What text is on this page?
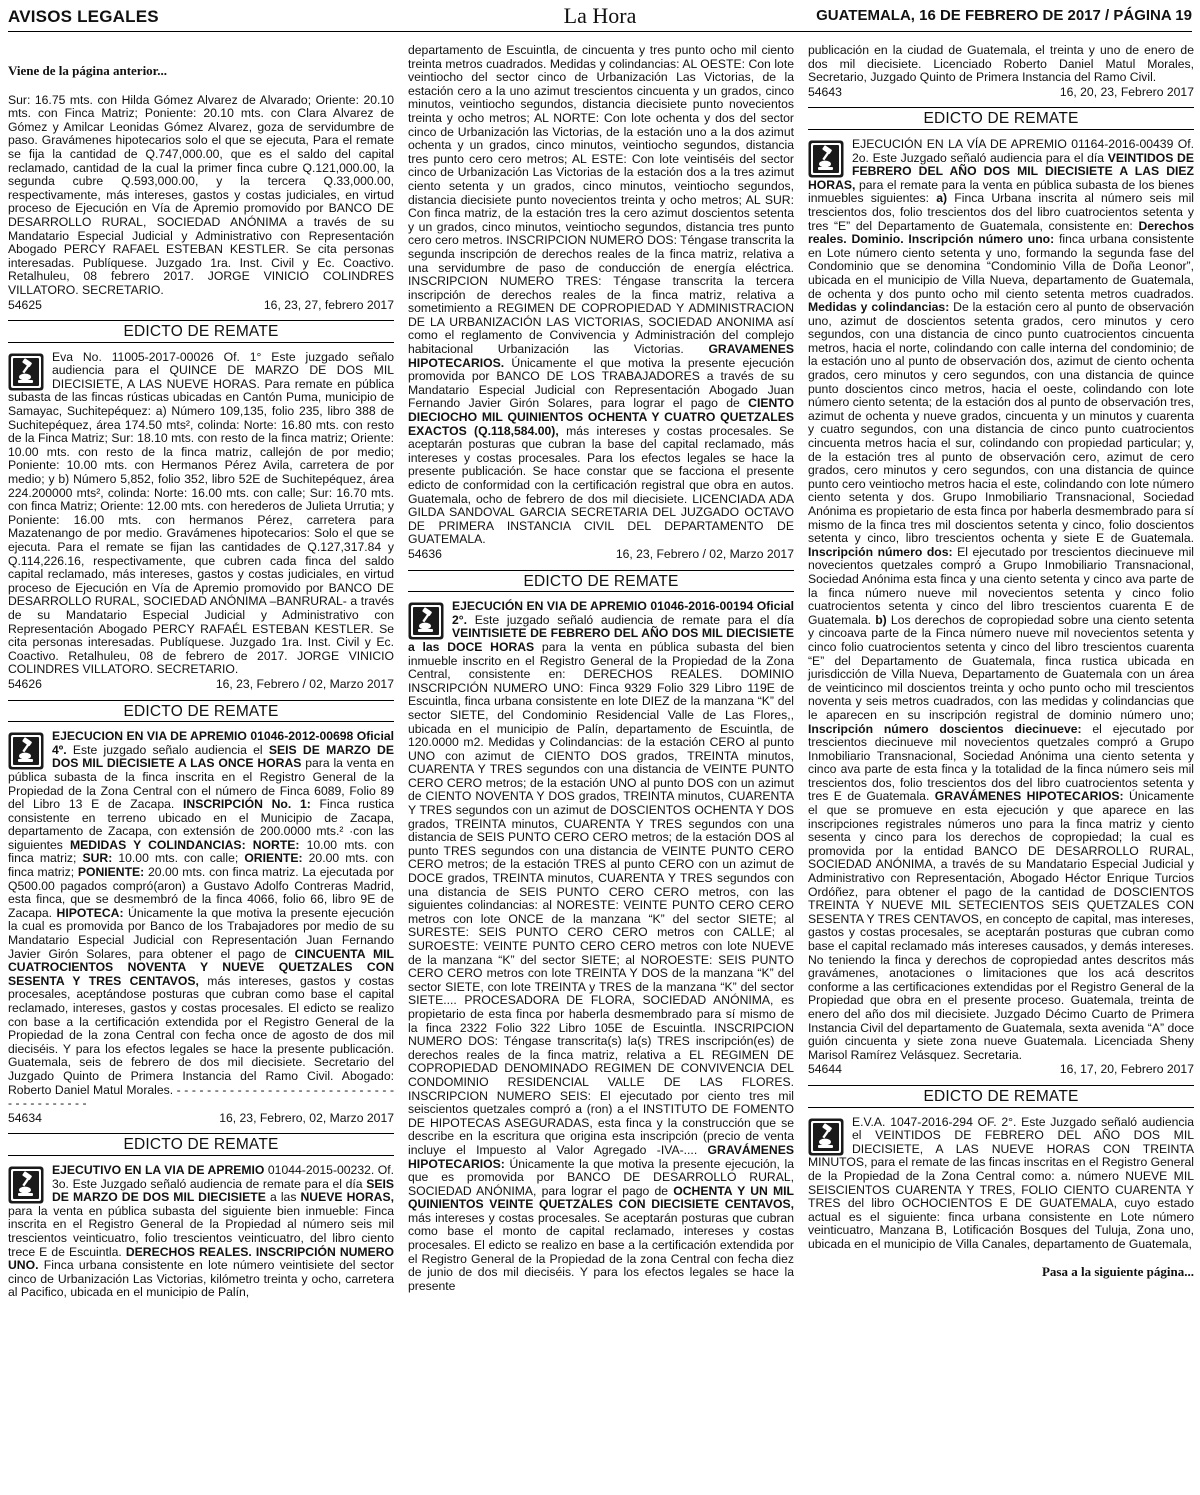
AVISOS LEGALES	La Hora	GUATEMALA, 16 DE FEBRERO DE 2017 / PÁGINA 19
Viene de la página anterior...

Sur: 16.75 mts. con Hilda Gómez Alvarez de Alvarado; Oriente: 20.10 mts. con Finca Matriz; Poniente: 20.10 mts. con Clara Alvarez de Gómez y Amilcar Leonidas Gómez Alvarez, goza de servidumbre de paso. Gravámenes hipotecarios solo el que se ejecuta, Para el remate se fija la cantidad de Q.747,000.00, que es el saldo del capital reclamado, cantidad de la cual la primer finca cubre Q.121,000.00, la segunda cubre Q.593,000.00, y la tercera Q.33,000.00, respectivamente, más intereses, gastos y costas judiciales, en virtud proceso de Ejecución en Vía de Apremio promovido por BANCO DE DESARROLLO RURAL, SOCIEDAD ANÓNIMA a través de su Mandatario Especial Judicial y Administrativo con Representación Abogado PERCY RAFAEL ESTEBAN KESTLER. Se cita personas interesadas. Publíquese. Juzgado 1ra. Inst. Civil y Ec. Coactivo. Retalhuleu, 08 febrero 2017. JORGE VINICIO COLINDRES VILLATORO. SECRETARIO.

54625	16, 23, 27, febrero 2017
EDICTO DE REMATE

Eva No. 11005-2017-00026 Of. 1° Este juzgado señalo audiencia para el QUINCE DE MARZO DE DOS MIL DIECISIETE, A LAS NUEVE HORAS. Para remate en pública subasta de las fincas rústicas ubicadas en Cantón Puma, municipio de Samayac, Suchitepéquez: a) Número 109,135, folio 235, libro 388 de Suchitepéquez, área 174.50 mts², colinda: Norte: 16.80 mts. con resto de la Finca Matriz; Sur: 18.10 mts. con resto de la finca matriz; Oriente: 10.00 mts. con resto de la finca matriz, callejón de por medio; Poniente: 10.00 mts. con Hermanos Pérez Avila, carretera de por medio; y b) Número 5,852, folio 352, libro 52E de Suchitepéquez, área 224.200000 mts², colinda: Norte: 16.00 mts. con calle; Sur: 16.70 mts. con finca Matriz; Oriente: 12.00 mts. con herederos de Julieta Urrutia; y Poniente: 16.00 mts. con hermanos Pérez, carretera para Mazatenango de por medio. Gravámenes hipotecarios: Solo el que se ejecuta. Para el remate se fijan las cantidades de Q.127,317.84 y Q.114,226.16, respectivamente, que cubren cada finca del saldo capital reclamado, más intereses, gastos y costas judiciales, en virtud proceso de Ejecución en Vía de Apremio promovido por BANCO DE DESARROLLO RURAL, SOCIEDAD ANÓNIMA –BANRURAL- a través de su Mandatario Especial Judicial y Administrativo con Representación Abogado PERCY RAFAÉL ESTEBAN KESTLER. Se cita personas interesadas. Publíquese. Juzgado 1ra. Inst. Civil y Ec. Coactivo. Retalhuleu, 08 de febrero de 2017. JORGE VINICIO COLINDRES VILLATORO. SECRETARIO.

54626	16, 23, Febrero / 02, Marzo 2017
EDICTO DE REMATE

EJECUCION EN VIA DE APREMIO 01046-2012-00698 Oficial 4º. Este juzgado señalo audiencia el SEIS DE MARZO DE DOS MIL DIECISIETE A LAS ONCE HORAS para la venta en pública subasta de la finca inscrita en el Registro General de la Propiedad de la Zona Central con el número de Finca 6089, Folio 89 del Libro 13 E de Zacapa. INSCRIPCIÓN No. 1: Finca rustica consistente en terreno ubicado en el Municipio de Zacapa, departamento de Zacapa, con extensión de 200.0000 mts.² ·con las siguientes MEDIDAS Y COLINDANCIAS: NORTE: 10.00 mts. con finca matriz; SUR: 10.00 mts. con calle; ORIENTE: 20.00 mts. con finca matriz; PONIENTE: 20.00 mts. con finca matriz. La ejecutada por Q500.00 pagados compró(aron) a Gustavo Adolfo Contreras Madrid, esta finca, que se desmembró de la finca 4066, folio 66, libro 9E de Zacapa. HIPOTECA: Únicamente la que motiva la presente ejecución la cual es promovida por Banco de los Trabajadores por medio de su Mandatario Especial Judicial con Representación Juan Fernando Javier Girón Solares, para obtener el pago de CINCUENTA MIL CUATROCIENTOS NOVENTA Y NUEVE QUETZALES CON SESENTA Y TRES CENTAVOS, más intereses, gastos y costas procesales, aceptándose posturas que cubran como base el capital reclamado, intereses, gastos y costas procesales. El edicto se realizo con base a la certificación extendida por el Registro General de la Propiedad de la zona Central con fecha once de agosto de dos mil dieciséis. Y para los efectos legales se hace la presente publicación. Guatemala, seis de febrero de dos mil diecisiete. Secretario del Juzgado Quinto de Primera Instancia del Ramo Civil. Abogado: Roberto Daniel Matul Morales. - - - - - - - - - - - - - - - - - - - - - - - - - - - - - - - - - - - - - - - -

54634	16, 23, Febrero, 02, Marzo 2017
EDICTO DE REMATE

EJECUTIVO EN LA VIA DE APREMIO 01044-2015-00232. Of. 3o. Este Juzgado señaló audiencia de remate para el día SEIS DE MARZO DE DOS MIL DIECISIETE a las NUEVE HORAS, para la venta en pública subasta del siguiente bien inmueble: Finca inscrita en el Registro General de la Propiedad al número seis mil trescientos veinticuatro, folio trescientos veinticuatro, del libro ciento trece E de Escuintla. DERECHOS REALES. INSCRIPCIÓN NUMERO UNO. Finca urbana consistente en lote número veintisiete del sector cinco de Urbanización Las Victorias, kilómetro treinta y ocho, carretera al Pacifico, ubicada en el municipio de Palín,

departamento de Escuintla, de cincuenta y tres punto ocho mil ciento treinta metros cuadrados. Medidas y colindancias: AL OESTE: Con lote veintiocho del sector cinco de Urbanización Las Victorias, de la estación cero a la uno azimut trescientos cincuenta y un grados, cinco minutos, veintiocho segundos, distancia diecisiete punto novecientos treinta y ocho metros; AL NORTE: Con lote ochenta y dos del sector cinco de Urbanización las Victorias, de la estación uno a la dos azimut ochenta y un grados, cinco minutos, veintiocho segundos, distancia tres punto cero cero metros; AL ESTE: Con lote veintiséis del sector cinco de Urbanización Las Victorias de la estación dos a la tres azimut ciento setenta y un grados, cinco minutos, veintiocho segundos, distancia diecisiete punto novecientos treinta y ocho metros; AL SUR: Con finca matriz, de la estación tres la cero azimut doscientos setenta y un grados, cinco minutos, veintiocho segundos, distancia tres punto cero cero metros. INSCRIPCION NUMERO DOS: Téngase transcrita la segunda inscripción de derechos reales de la finca matriz, relativa a una servidumbre de paso de conducción de energía eléctrica. INSCRIPCION NUMERO TRES: Téngase transcrita la tercera inscripción de derechos reales de la finca matriz, relativa a sometimiento a REGIMEN DE COPROPIEDAD Y ADMINISTRACION DE LA URBANIZACIÓN LAS VICTORIAS, SOCIEDAD ANONIMA así como el reglamento de Convivencia y Administración del complejo habitacional Urbanización las Victorias. GRAVAMENES HIPOTECARIOS. Únicamente el que motiva la presente ejecución promovida por BANCO DE LOS TRABAJADORES a través de su Mandatario Especial Judicial con Representación Abogado Juan Fernando Javier Girón Solares, para lograr el pago de CIENTO DIECIOCHO MIL QUINIENTOS OCHENTA Y CUATRO QUETZALES EXACTOS (Q.118,584.00), más intereses y costas procesales. Se aceptarán posturas que cubran la base del capital reclamado, más intereses y costas procesales. Para los efectos legales se hace la presente publicación. Se hace constar que se facciona el presente edicto de conformidad con la certificación registral que obra en autos. Guatemala, ocho de febrero de dos mil diecisiete. LICENCIADA ADA GILDA SANDOVAL GARCIA SECRETARIA DEL JUZGADO OCTAVO DE PRIMERA INSTANCIA CIVIL DEL DEPARTAMENTO DE GUATEMALA.

54636	16, 23, Febrero / 02, Marzo 2017
EDICTO DE REMATE

EJECUCIÓN EN VIA DE APREMIO 01046-2016-00194 Oficial 2°. Este juzgado señaló audiencia de remate para el día VEINTISIETE DE FEBRERO DEL AÑO DOS MIL DIECISIETE a las DOCE HORAS para la venta en pública subasta del bien inmueble inscrito en el Registro General de la Propiedad de la Zona Central, consistente en: DERECHOS REALES. DOMINIO INSCRIPCIÓN NUMERO UNO: Finca 9329 Folio 329 Libro 119E de Escuintla, finca urbana consistente en lote DIEZ de la manzana “K” del sector SIETE, del Condominio Residencial Valle de Las Flores,, ubicada en el municipio de Palín, departamento de Escuintla, de 120.0000 m2. Medidas y Colindancias: de la estación CERO al punto UNO con azimut de CIENTO DOS grados, TREINTA minutos, CUARENTA Y TRES segundos con una distancia de VEINTE PUNTO CERO CERO metros; de la estación UNO al punto DOS con un azimut de CIENTO NOVENTA Y DOS grados, TREINTA minutos, CUARENTA Y TRES segundos con un azimut de DOSCIENTOS OCHENTA Y DOS grados, TREINTA minutos, CUARENTA Y TRES segundos con una distancia de SEIS PUNTO CERO CERO metros; de la estación DOS al punto TRES segundos con una distancia de VEINTE PUNTO CERO CERO metros; de la estación TRES al punto CERO con un azimut de DOCE grados, TREINTA minutos, CUARENTA Y TRES segundos con una distancia de SEIS PUNTO CERO CERO metros, con las siguientes colindancias: al NORESTE: VEINTE PUNTO CERO CERO metros con lote ONCE de la manzana “K” del sector SIETE; al SURESTE: SEIS PUNTO CERO CERO metros con CALLE; al SUROESTE: VEINTE PUNTO CERO CERO metros con lote NUEVE de la manzana “K” del sector SIETE; al NOROESTE: SEIS PUNTO CERO CERO metros con lote TREINTA Y DOS de la manzana “K” del sector SIETE, con lote TREINTA y TRES de la manzana “K” del sector SIETE.... PROCESADORA DE FLORA, SOCIEDAD ANÓNIMA, es propietario de esta finca por haberla desmembrado para sí mismo de la finca 2322 Folio 322 Libro 105E de Escuintla. INSCRIPCION NUMERO DOS: Téngase transcrita(s) la(s) TRES inscripción(es) de derechos reales de la finca matriz, relativa a EL REGIMEN DE COPROPIEDAD DENOMINADO REGIMEN DE CONVIVENCIA DEL CONDOMINIO RESIDENCIAL VALLE DE LAS FLORES. INSCRIPCION NUMERO SEIS: El ejecutado por ciento tres mil seiscientos quetzales compró a (ron) a el INSTITUTO DE FOMENTO DE HIPOTECAS ASEGURADAS, esta finca y la construcción que se describe en la escritura que origina esta inscripción (precio de venta incluye el Impuesto al Valor Agregado -IVA-.... GRAVÁMENES HIPOTECARIOS: Únicamente la que motiva la presente ejecución, la que es promovida por BANCO DE DESARROLLO RURAL, SOCIEDAD ANÓNIMA, para lograr el pago de OCHENTA Y UN MIL QUINIENTOS VEINTE QUETZALES CON DIECISIETE CENTAVOS, más intereses y costas procesales. Se aceptarán posturas que cubran como base el monto de capital reclamado, intereses y costas procesales. El edicto se realizo en base a la certificación extendida por el Registro General de la Propiedad de la zona Central con fecha diez de junio de dos mil dieciséis. Y para los efectos legales se hace la presente

publicación en la ciudad de Guatemala, el treinta y uno de enero de dos mil diecisiete. Licenciado Roberto Daniel Matul Morales, Secretario, Juzgado Quinto de Primera Instancia del Ramo Civil.

54643	16, 20, 23, Febrero 2017
EDICTO DE REMATE

EJECUCIÓN EN LA VÍA DE APREMIO 01164-2016-00439 Of. 2o. Este Juzgado señaló audiencia para el día VEINTIDOS DE FEBRERO DEL AÑO DOS MIL DIECISIETE A LAS DIEZ HORAS, para el remate para la venta en pública subasta de los bienes inmuebles siguientes: a) Finca Urbana inscrita al número seis mil trescientos dos, folio trescientos dos del libro cuatrocientos setenta y tres “E” del Departamento de Guatemala, consistente en: Derechos reales. Dominio. Inscripción número uno: finca urbana consistente en Lote número ciento setenta y uno, formando la segunda fase del Condominio que se denomina “Condominio Villa de Doña Leonor”, ubicada en el municipio de Villa Nueva, departamento de Guatemala, de ochenta y dos punto ocho mil ciento setenta metros cuadrados. Medidas y colindancias: De la estación cero al punto de observación uno, azimut de doscientos setenta grados, cero minutos y cero segundos, con una distancia de cinco punto cuatrocientos cincuenta metros, hacia el norte, colindando con calle interna del condominio; de la estación uno al punto de observación dos, azimut de ciento ochenta grados, cero minutos y cero segundos, con una distancia de quince punto doscientos cinco metros, hacia el oeste, colindando con lote número ciento setenta; de la estación dos al punto de observación tres, azimut de ochenta y nueve grados, cincuenta y un minutos y cuarenta y cuatro segundos, con una distancia de cinco punto cuatrocientos cincuenta metros hacia el sur, colindando con propiedad particular; y, de la estación tres al punto de observación cero, azimut de cero grados, cero minutos y cero segundos, con una distancia de quince punto cero veintiocho metros hacia el este, colindando con lote número ciento setenta y dos. Grupo Inmobiliario Transnacional, Sociedad Anónima es propietario de esta finca por haberla desmembrado para sí mismo de la finca tres mil doscientos setenta y cinco, folio doscientos setenta y cinco, libro trescientos ochenta y siete E de Guatemala. Inscripción número dos: El ejecutado por trescientos diecinueve mil novecientos quetzales compró a Grupo Inmobiliario Transnacional, Sociedad Anónima esta finca y una ciento setenta y cinco ava parte de la finca número nueve mil novecientos setenta y cinco folio cuatrocientos setenta y cinco del libro trescientos cuarenta E de Guatemala. b) Los derechos de copropiedad sobre una ciento setenta y cincoava parte de la Finca número nueve mil novecientos setenta y cinco folio cuatrocientos setenta y cinco del libro trescientos cuarenta “E” del Departamento de Guatemala, finca rustica ubicada en jurisdicción de Villa Nueva, Departamento de Guatemala con un área de veinticinco mil doscientos treinta y ocho punto ocho mil trescientos noventa y seis metros cuadrados, con las medidas y colindancias que le aparecen en su inscripción registral de dominio número uno; Inscripción número doscientos diecinueve: el ejecutado por trescientos diecinueve mil novecientos quetzales compró a Grupo Inmobiliario Transnacional, Sociedad Anónima una ciento setenta y cinco ava parte de esta finca y la totalidad de la finca número seis mil trescientos dos, folio trescientos dos del libro cuatrocientos setenta y tres E de Guatemala. GRAVÁMENES HIPOTECARIOS: Únicamente el que se promueve en esta ejecución y que aparece en las inscripciones registrales números uno para la finca matriz y ciento sesenta y cinco para los derechos de copropiedad; la cual es promovida por la entidad BANCO DE DESARROLLO RURAL, SOCIEDAD ANÓNIMA, a través de su Mandatario Especial Judicial y Administrativo con Representación, Abogado Héctor Enrique Turcios Ordóñez, para obtener el pago de la cantidad de DOSCIENTOS TREINTA Y NUEVE MIL SETECIENTOS SEIS QUETZALES CON SESENTA Y TRES CENTAVOS, en concepto de capital, mas intereses, gastos y costas procesales, se aceptarán posturas que cubran como base el capital reclamado más intereses causados, y demás intereses. No teniendo la finca y derechos de copropiedad antes descritos más gravámenes, anotaciones o limitaciones que los acá descritos conforme a las certificaciones extendidas por el Registro General de la Propiedad que obra en el presente proceso. Guatemala, treinta de enero del año dos mil diecisiete. Juzgado Décimo Cuarto de Primera Instancia Civil del departamento de Guatemala, sexta avenida “A” doce guión cincuenta y siete zona nueve Guatemala. Licenciada Sheny Marisol Ramírez Velásquez. Secretaria.

54644	16, 17, 20, Febrero 2017
EDICTO DE REMATE

E.V.A. 1047-2016-294 OF. 2°. Este Juzgado señaló audiencia el VEINTIDOS DE FEBRERO DEL AÑO DOS MIL DIECISIETE, A LAS NUEVE HORAS CON TREINTA MINUTOS, para el remate de las fincas inscritas en el Registro General de la Propiedad de la Zona Central como: a. número NUEVE MIL SEISCIENTOS CUARENTA Y TRES, FOLIO CIENTO CUARENTA Y TRES del libro OCHOCIENTOS E DE GUATEMALA, cuyo estado actual es el siguiente: finca urbana consistente en Lote número veinticuatro, Manzana B, Lotificación Bosques del Tuluja, Zona uno, ubicada en el municipio de Villa Canales, departamento de Guatemala,

Pasa a la siguiente página...
